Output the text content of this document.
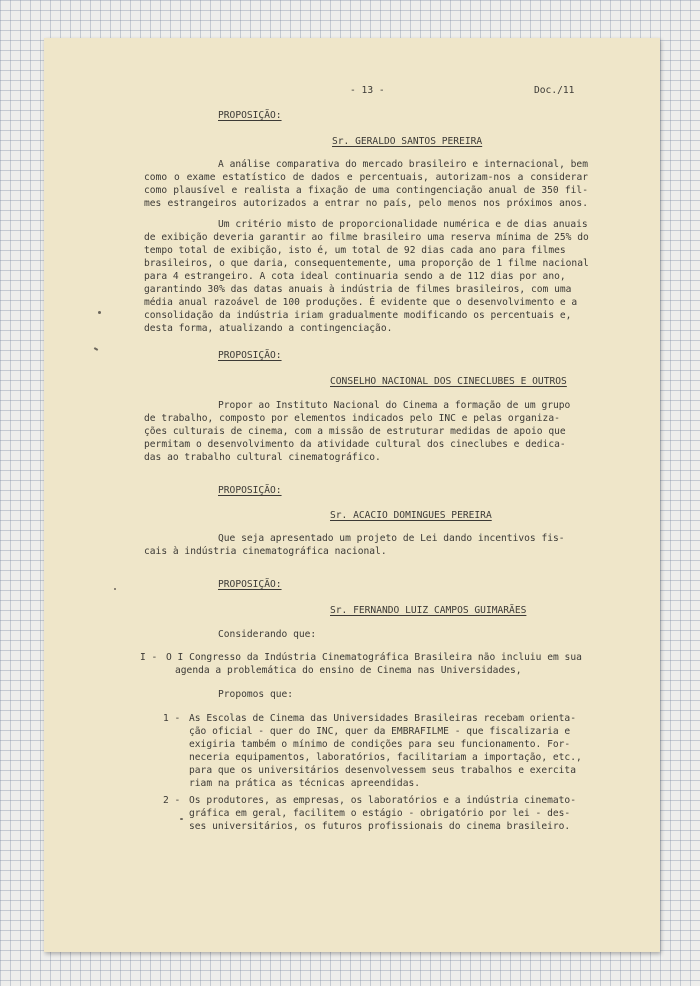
- 13 -	Doc./11
PROPOSIÇÃO:
Sr. GERALDO SANTOS PEREIRA
A análise comparativa do mercado brasileiro e internacional, bem
como o exame estatístico de dados e percentuais, autorizam-nos a considerar
como plausível e realista a fixação de uma contingenciação anual de 350 fil-
mes estrangeiros autorizados a entrar no país, pelo menos nos próximos anos.
Um critério misto de proporcionalidade numérica e de dias anuais
de exibição deveria garantir ao filme brasileiro uma reserva mínima de 25% do
tempo total de exibição, isto é, um total de 92 dias cada ano para filmes
brasileiros, o que daria, consequentemente, uma proporção de 1 filme nacional
para 4 estrangeiro. A cota ideal continuaria sendo a de 112 dias por ano,
garantindo 30% das datas anuais à indústria de filmes brasileiros, com uma
média anual razoável de 100 produções. É evidente que o desenvolvimento e a
consolidação da indústria iriam gradualmente modificando os percentuais e,
desta forma, atualizando a contingenciação.
PROPOSIÇÃO:
CONSELHO NACIONAL DOS CINECLUBES E OUTROS
Propor ao Instituto Nacional do Cinema a formação de um grupo
de trabalho, composto por elementos indicados pelo INC e pelas organiza-
ções culturais de cinema, com a missão de estruturar medidas de apoio que
permitam o desenvolvimento da atividade cultural dos cineclubes e dedica-
das ao trabalho cultural cinematográfico.
PROPOSIÇÃO:
Sr. ACACIO DOMINGUES PEREIRA
Que seja apresentado um projeto de Lei dando incentivos fis-
cais à indústria cinematográfica nacional.
PROPOSIÇÃO:
Sr. FERNANDO LUIZ CAMPOS GUIMARÃES
Considerando que:
I - O I Congresso da Indústria Cinematográfica Brasileira não incluiu em sua
agenda a problemática do ensino de Cinema nas Universidades,
Propomos que:
1 - As Escolas de Cinema das Universidades Brasileiras recebam orienta-
ção oficial - quer do INC, quer da EMBRAFILME - que fiscalizaria e
exigiria também o mínimo de condições para seu funcionamento. For-
neceria equipamentos, laboratórios, facilitariam a importação, etc.,
para que os universitários desenvolvessem seus trabalhos e exercita
riam na prática as técnicas apreendidas.
2 - Os produtores, as empresas, os laboratórios e a indústria cinemato-
gráfica em geral, facilitem o estágio - obrigatório por lei - des-
ses universitários, os futuros profissionais do cinema brasileiro.
